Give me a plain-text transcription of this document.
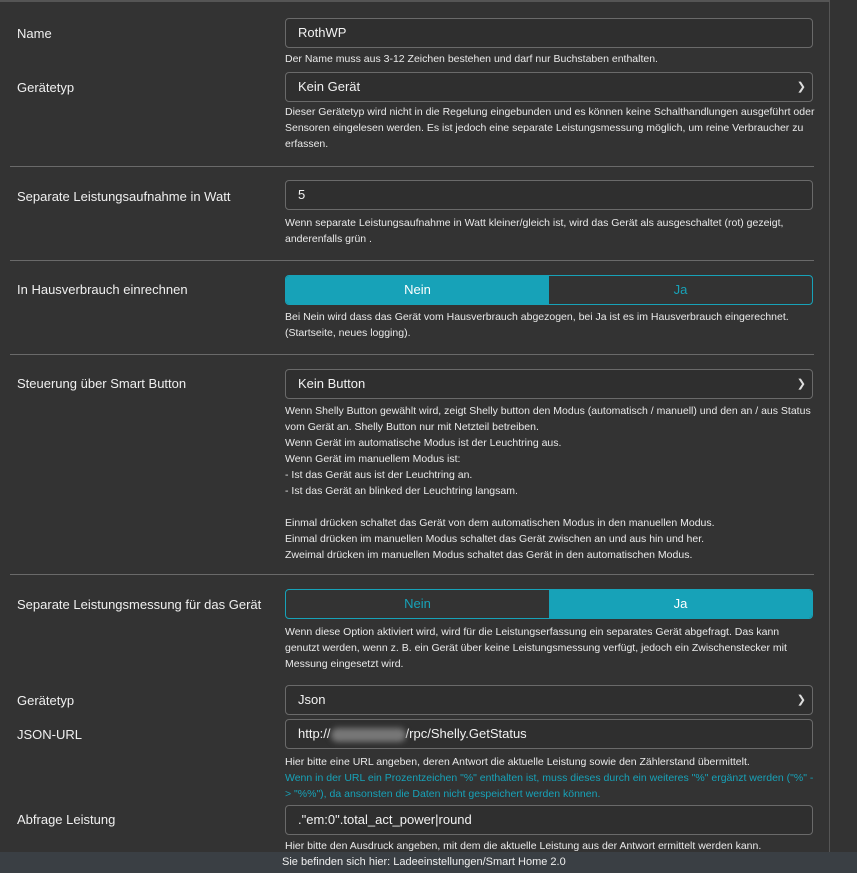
Name	RothWP
Der Name muss aus 3-12 Zeichen bestehen und darf nur Buchstaben enthalten.
Gerätetyp	Kein Gerät	❯
Dieser Gerätetyp wird nicht in die Regelung eingebunden und es können keine Schalthandlungen ausgeführt oder Sensoren eingelesen werden. Es ist jedoch eine separate Leistungsmessung möglich, um reine Verbraucher zu erfassen.
Separate Leistungsaufnahme in Watt	5
Wenn separate Leistungsaufnahme in Watt kleiner/gleich ist, wird das Gerät als ausgeschaltet (rot) gezeigt, anderenfalls grün .
In Hausverbrauch einrechnen	Nein	Ja
Bei Nein wird dass das Gerät vom Hausverbrauch abgezogen, bei Ja ist es im Hausverbrauch eingerechnet. (Startseite, neues logging).
Steuerung über Smart Button	Kein Button	❯
Wenn Shelly Button gewählt wird, zeigt Shelly button den Modus (automatisch / manuell) und den an / aus Status vom Gerät an. Shelly Button nur mit Netzteil betreiben.
Wenn Gerät im automatische Modus ist der Leuchtring aus.
Wenn Gerät im manuellem Modus ist:
- Ist das Gerät aus ist der Leuchtring an.
- Ist das Gerät an blinked der Leuchtring langsam.
Einmal drücken schaltet das Gerät von dem automatischen Modus in den manuellen Modus.
Einmal drücken im manuellen Modus schaltet das Gerät zwischen an und aus hin und her.
Zweimal drücken im manuellen Modus schaltet das Gerät in den automatischen Modus.
Separate Leistungsmessung für das Gerät	Nein	Ja
Wenn diese Option aktiviert wird, wird für die Leistungserfassung ein separates Gerät abgefragt. Das kann genutzt werden, wenn z. B. ein Gerät über keine Leistungsmessung verfügt, jedoch ein Zwischenstecker mit Messung eingesetzt wird.
Gerätetyp	Json	❯
JSON-URL	http://	/rpc/Shelly.GetStatus
Hier bitte eine URL angeben, deren Antwort die aktuelle Leistung sowie den Zählerstand übermittelt.
Wenn in der URL ein Prozentzeichen "%" enthalten ist, muss dieses durch ein weiteres "%" ergänzt werden ("%" -> "%%"), da ansonsten die Daten nicht gespeichert werden können.
Abfrage Leistung	."em:0".total_act_power|round
Hier bitte den Ausdruck angeben, mit dem die aktuelle Leistung aus der Antwort ermittelt werden kann.
Sie befinden sich hier: Ladeeinstellungen/Smart Home 2.0
